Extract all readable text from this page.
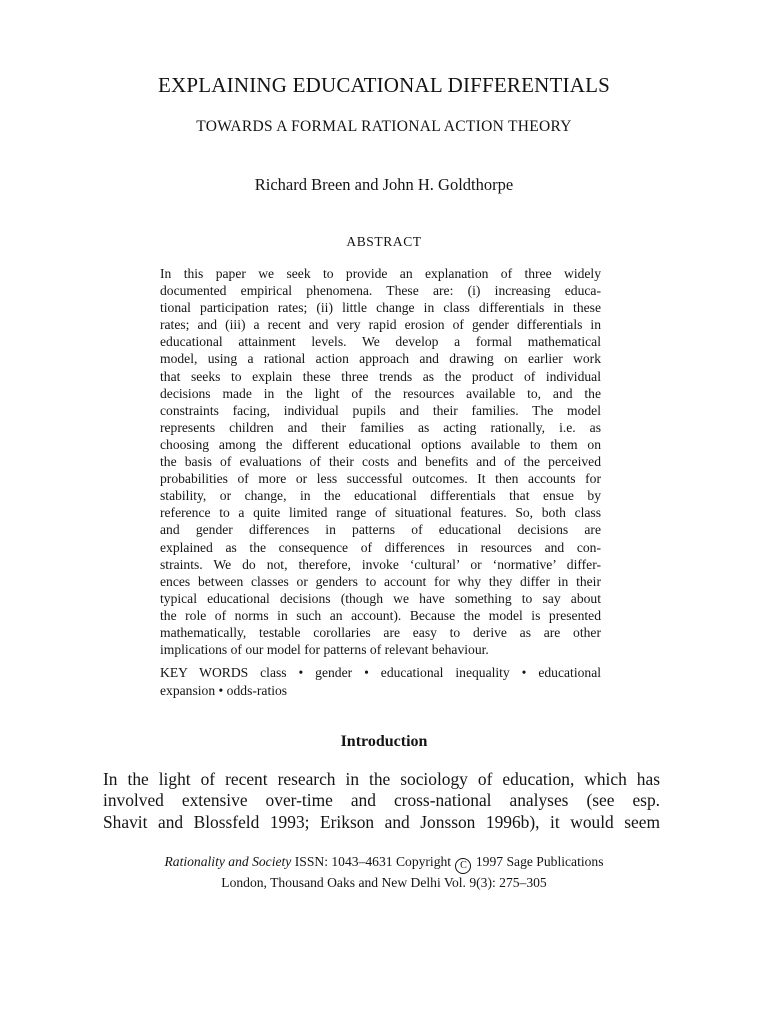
EXPLAINING EDUCATIONAL DIFFERENTIALS
TOWARDS A FORMAL RATIONAL ACTION THEORY
Richard Breen and John H. Goldthorpe
ABSTRACT
In this paper we seek to provide an explanation of three widely
documented empirical phenomena. These are: (i) increasing educa-
tional participation rates; (ii) little change in class differentials in these
rates; and (iii) a recent and very rapid erosion of gender differentials in
educational attainment levels. We develop a formal mathematical
model, using a rational action approach and drawing on earlier work
that seeks to explain these three trends as the product of individual
decisions made in the light of the resources available to, and the
constraints facing, individual pupils and their families. The model
represents children and their families as acting rationally, i.e. as
choosing among the different educational options available to them on
the basis of evaluations of their costs and benefits and of the perceived
probabilities of more or less successful outcomes. It then accounts for
stability, or change, in the educational differentials that ensue by
reference to a quite limited range of situational features. So, both class
and gender differences in patterns of educational decisions are
explained as the consequence of differences in resources and con-
straints. We do not, therefore, invoke ‘cultural’ or ‘normative’ differ-
ences between classes or genders to account for why they differ in their
typical educational decisions (though we have something to say about
the role of norms in such an account). Because the model is presented
mathematically, testable corollaries are easy to derive as are other
implications of our model for patterns of relevant behaviour.
KEY WORDS class • gender • educational inequality • educational
expansion • odds-ratios
Introduction
In the light of recent research in the sociology of education, which has
involved extensive over-time and cross-national analyses (see esp.
Shavit and Blossfeld 1993; Erikson and Jonsson 1996b), it would seem
Rationality and Society ISSN: 1043–4631 Copyright C 1997 Sage Publications
London, Thousand Oaks and New Delhi Vol. 9(3): 275–305
